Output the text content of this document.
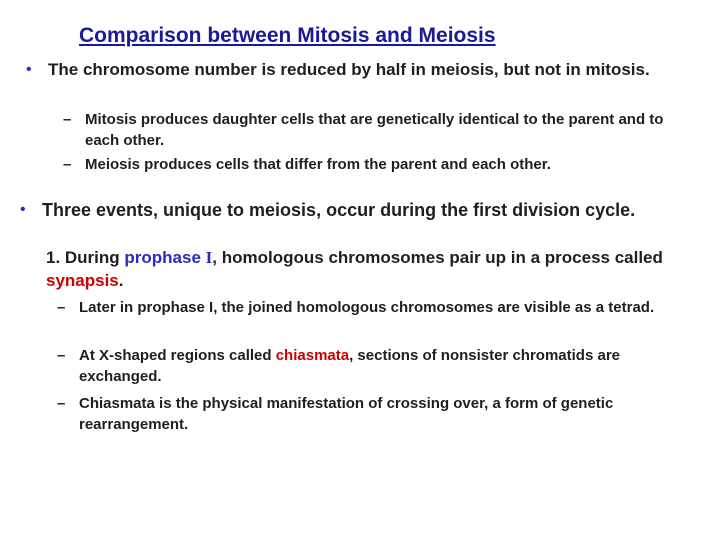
Comparison between Mitosis and Meiosis
• The chromosome number is reduced by half in meiosis, but not in mitosis.
– Mitosis produces daughter cells that are genetically identical to the parent and to each other.
– Meiosis produces cells that differ from the parent and each other.
• Three events, unique to meiosis, occur during the first division cycle.
1. During prophase I, homologous chromosomes pair up in a process called synapsis.
– Later in prophase I, the joined homologous chromosomes are visible as a tetrad.
– At X-shaped regions called chiasmata, sections of nonsister chromatids are exchanged.
– Chiasmata is the physical manifestation of crossing over, a form of genetic rearrangement.
